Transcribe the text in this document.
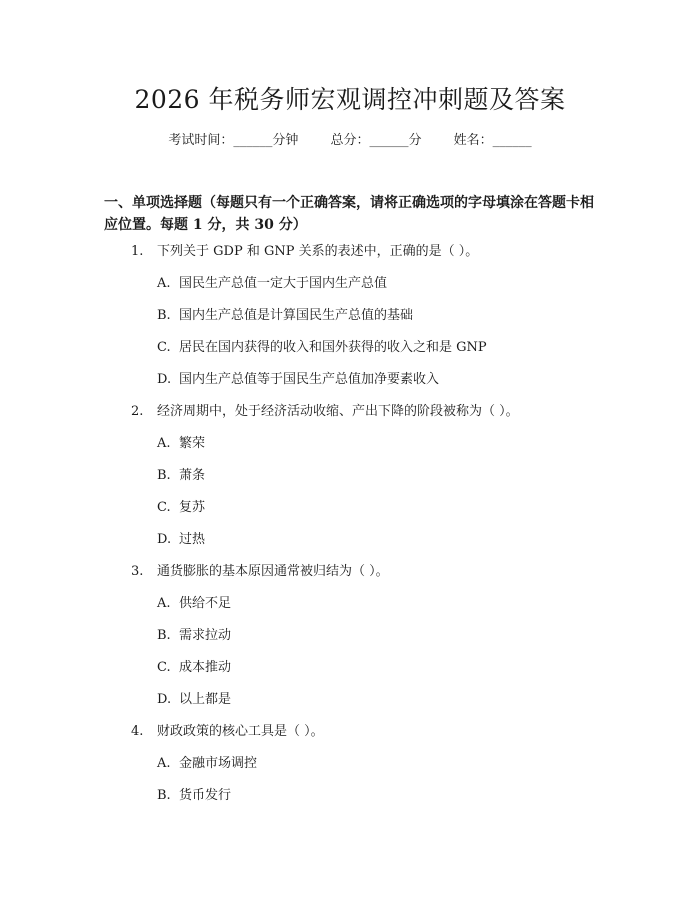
2026 年税务师宏观调控冲刺题及答案
考试时间：______分钟 总分：______分 姓名：______
一、单项选择题（每题只有一个正确答案，请将正确选项的字母填涂在答题卡相应位置。每题 1 分，共 30 分）
1. 下列关于 GDP 和 GNP 关系的表述中，正确的是（ ）。
A. 国民生产总值一定大于国内生产总值
B. 国内生产总值是计算国民生产总值的基础
C. 居民在国内获得的收入和国外获得的收入之和是 GNP
D. 国内生产总值等于国民生产总值加净要素收入
2. 经济周期中，处于经济活动收缩、产出下降的阶段被称为（ ）。
A. 繁荣
B. 萧条
C. 复苏
D. 过热
3. 通货膨胀的基本原因通常被归结为（ ）。
A. 供给不足
B. 需求拉动
C. 成本推动
D. 以上都是
4. 财政政策的核心工具是（ ）。
A. 金融市场调控
B. 货币发行
